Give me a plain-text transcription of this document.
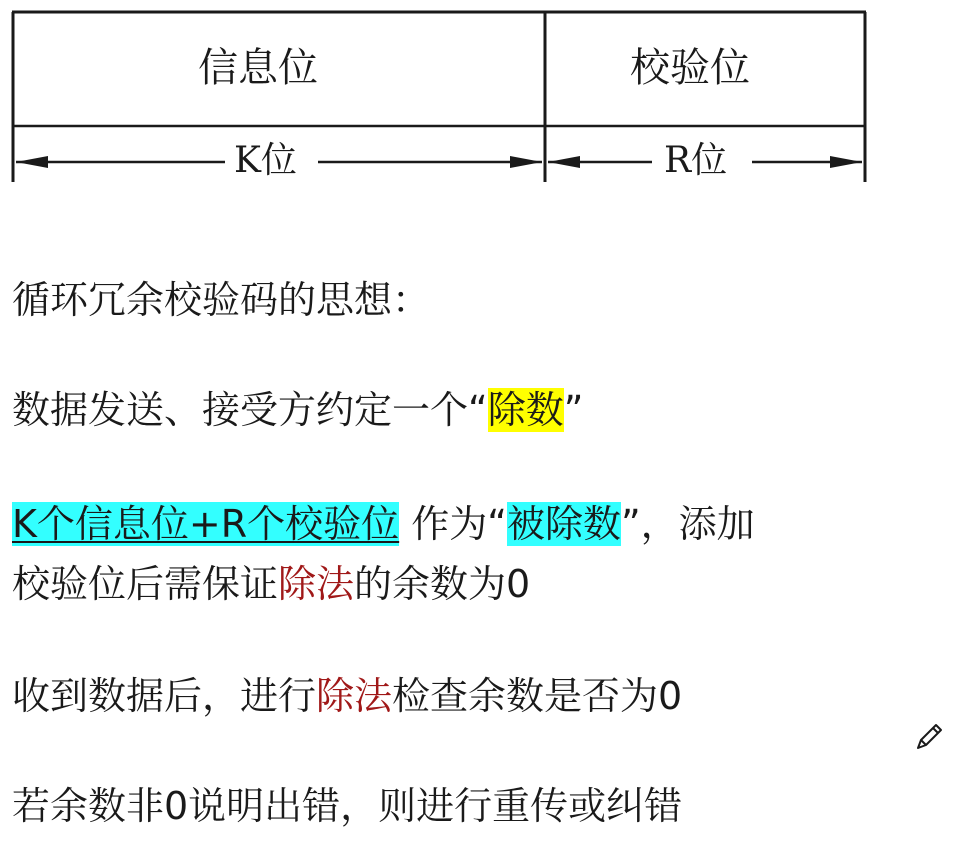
信息位	校验位
K位	R位
循环冗余校验码的思想：
数据发送、接受方约定一个“除数”
K个信息位+R个校验位 作为“被除数”，添加
校验位后需保证除法的余数为0
收到数据后，进行除法检查余数是否为0
若余数非0说明出错，则进行重传或纠错
